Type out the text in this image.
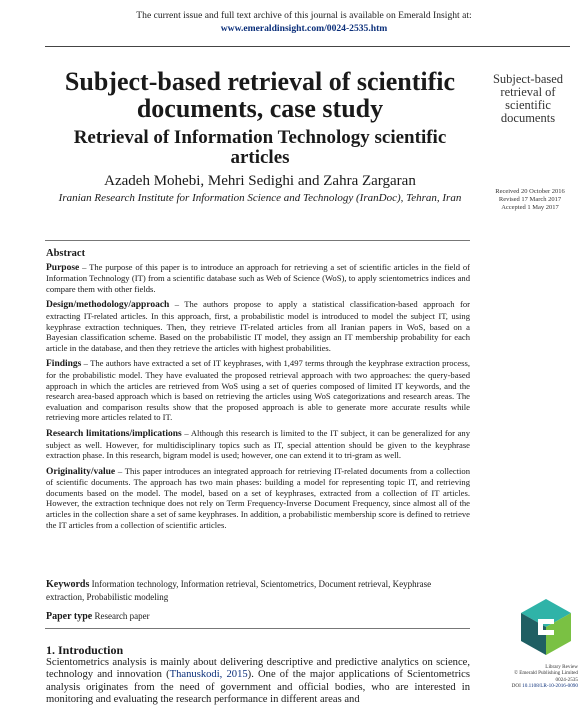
The current issue and full text archive of this journal is available on Emerald Insight at:
www.emeraldinsight.com/0024-2535.htm
Subject-based retrieval of scientific documents, case study
Retrieval of Information Technology scientific articles
Azadeh Mohebi, Mehri Sedighi and Zahra Zargaran
Iranian Research Institute for Information Science and Technology (IranDoc), Tehran, Iran
Subject-based retrieval of scientific documents
Received 20 October 2016
Revised 17 March 2017
Accepted 1 May 2017
Abstract

Purpose – The purpose of this paper is to introduce an approach for retrieving a set of scientific articles in the field of Information Technology (IT) from a scientific database such as Web of Science (WoS), to apply scientometrics indices and compare them with other fields.

Design/methodology/approach – The authors propose to apply a statistical classification-based approach for extracting IT-related articles. In this approach, first, a probabilistic model is introduced to model the subject IT, using keyphrase extraction techniques. Then, they retrieve IT-related articles from all Iranian papers in WoS, based on a Bayesian classification scheme. Based on the probabilistic IT model, they assign an IT membership probability for each article in the database, and then they retrieve the articles with highest probabilities.

Findings – The authors have extracted a set of IT keyphrases, with 1,497 terms through the keyphrase extraction process, for the probabilistic model. They have evaluated the proposed retrieval approach with two approaches: the query-based approach in which the articles are retrieved from WoS using a set of queries composed of limited IT keywords, and the research area-based approach which is based on retrieving the articles using WoS categorizations and research areas. The evaluation and comparison results show that the proposed approach is able to generate more accurate results while retrieving more articles related to IT.

Research limitations/implications – Although this research is limited to the IT subject, it can be generalized for any subject as well. However, for multidisciplinary topics such as IT, special attention should be given to the keyphrase extraction phase. In this research, bigram model is used; however, one can extend it to tri-gram as well.

Originality/value – This paper introduces an integrated approach for retrieving IT-related documents from a collection of scientific documents. The approach has two main phases: building a model for representing topic IT, and retrieving documents based on the model. The model, based on a set of keyphrases, extracted from a collection of IT articles. However, the extraction technique does not rely on Term Frequency-Inverse Document Frequency, since almost all of the articles in the collection share a set of same keyphrases. In addition, a probabilistic membership score is defined to retrieve the IT articles from a collection of scientific articles.

Keywords Information technology, Information retrieval, Scientometrics, Document retrieval, Keyphrase extraction, Probabilistic modeling
Paper type Research paper
1. Introduction
Scientometrics analysis is mainly about delivering descriptive and predictive analytics on science, technology and innovation (Thanuskodi, 2015). One of the major applications of Scientometrics analysis originates from the need of government and official bodies, who are interested in monitoring and evaluating the research performance in different areas and
Library Review
© Emerald Publishing Limited
0024-2535
DOI 10.1108/LR-10-2016-0090
